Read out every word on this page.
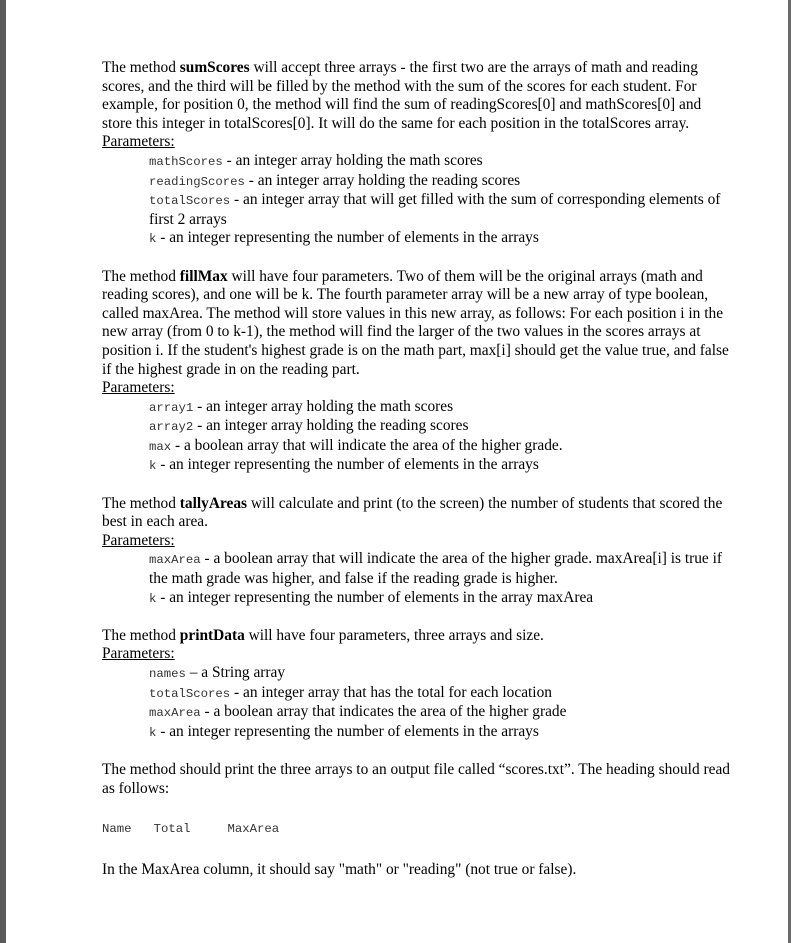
The method sumScores will accept three arrays - the first two are the arrays of math and reading scores, and the third will be filled by the method with the sum of the scores for each student. For example, for position 0, the method will find the sum of readingScores[0] and mathScores[0] and store this integer in totalScores[0]. It will do the same for each position in the totalScores array.

Parameters:

mathScores - an integer array holding the math scores

readingScores - an integer array holding the reading scores

totalScores - an integer array that will get filled with the sum of corresponding elements of first 2 arrays

k - an integer representing the number of elements in the arrays

The method fillMax will have four parameters. Two of them will be the original arrays (math and reading scores), and one will be k. The fourth parameter array will be a new array of type boolean, called maxArea. The method will store values in this new array, as follows: For each position i in the new array (from 0 to k-1), the method will find the larger of the two values in the scores arrays at position i. If the student's highest grade is on the math part, max[i] should get the value true, and false if the highest grade in on the reading part.

Parameters:

array1 - an integer array holding the math scores

array2 - an integer array holding the reading scores

max - a boolean array that will indicate the area of the higher grade.

k - an integer representing the number of elements in the arrays

The method tallyAreas will calculate and print (to the screen) the number of students that scored the best in each area.

Parameters:

maxArea - a boolean array that will indicate the area of the higher grade. maxArea[i] is true if the math grade was higher, and false if the reading grade is higher.

k - an integer representing the number of elements in the array maxArea

The method printData will have four parameters, three arrays and size.

Parameters:

names – a String array

totalScores - an integer array that has the total for each location

maxArea - a boolean array that indicates the area of the higher grade

k - an integer representing the number of elements in the arrays

The method should print the three arrays to an output file called “scores.txt”. The heading should read as follows:

Name   Total     MaxArea

In the MaxArea column, it should say "math" or "reading" (not true or false).
